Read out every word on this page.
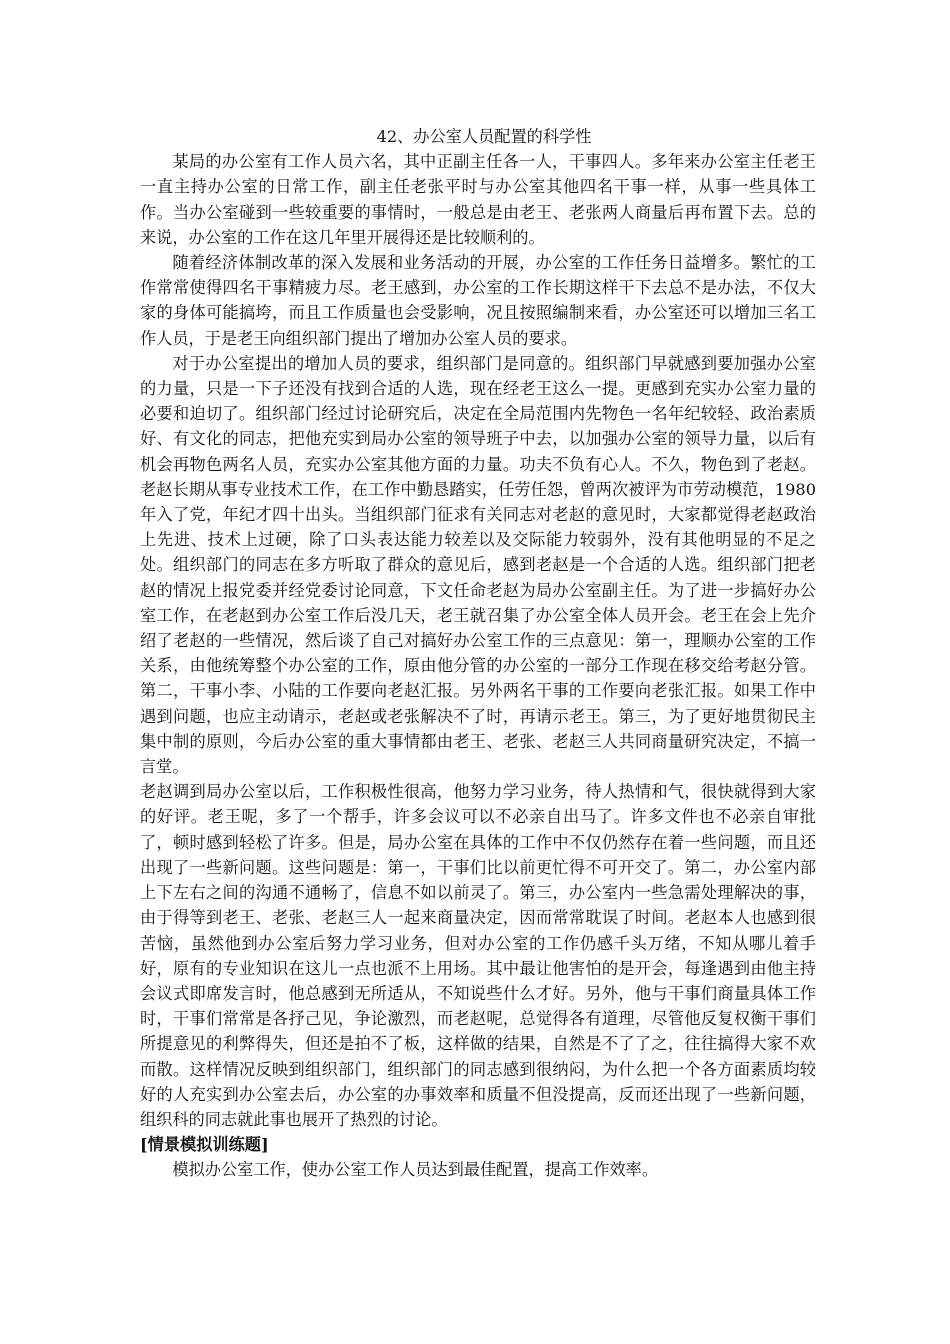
42、办公室人员配置的科学性

某局的办公室有工作人员六名，其中正副主任各一人，干事四人。多年来办公室主任老王一直主持办公室的日常工作，副主任老张平时与办公室其他四名干事一样，从事一些具体工作。当办公室碰到一些较重要的事情时，一般总是由老王、老张两人商量后再布置下去。总的来说，办公室的工作在这几年里开展得还是比较顺利的。

随着经济体制改革的深入发展和业务活动的开展，办公室的工作任务日益增多。繁忙的工作常常使得四名干事精疲力尽。老王感到，办公室的工作长期这样干下去总不是办法，不仅大家的身体可能搞垮，而且工作质量也会受影响，况且按照编制来看，办公室还可以增加三名工作人员，于是老王向组织部门提出了增加办公室人员的要求。

对于办公室提出的增加人员的要求，组织部门是同意的。组织部门早就感到要加强办公室的力量，只是一下子还没有找到合适的人选，现在经老王这么一提。更感到充实办公室力量的必要和迫切了。组织部门经过讨论研究后，决定在全局范围内先物色一名年纪较轻、政治素质好、有文化的同志，把他充实到局办公室的领导班子中去，以加强办公室的领导力量，以后有机会再物色两名人员，充实办公室其他方面的力量。功夫不负有心人。不久，物色到了老赵。老赵长期从事专业技术工作，在工作中勤恳踏实，任劳任怨，曾两次被评为市劳动模范，1980 年入了党，年纪才四十出头。当组织部门征求有关同志对老赵的意见时，大家都觉得老赵政治上先进、技术上过硬，除了口头表达能力较差以及交际能力较弱外，没有其他明显的不足之处。组织部门的同志在多方听取了群众的意见后，感到老赵是一个合适的人选。组织部门把老赵的情况上报党委并经党委讨论同意，下文任命老赵为局办公室副主任。为了进一步搞好办公室工作，在老赵到办公室工作后没几天，老王就召集了办公室全体人员开会。老王在会上先介绍了老赵的一些情况，然后谈了自己对搞好办公室工作的三点意见：第一，理顺办公室的工作关系，由他统筹整个办公室的工作，原由他分管的办公室的一部分工作现在移交给考赵分管。第二，干事小李、小陆的工作要向老赵汇报。另外两名干事的工作要向老张汇报。如果工作中遇到问题，也应主动请示，老赵或老张解决不了时，再请示老王。第三，为了更好地贯彻民主集中制的原则，今后办公室的重大事情都由老王、老张、老赵三人共同商量研究决定，不搞一言堂。

老赵调到局办公室以后，工作积极性很高，他努力学习业务，待人热情和气，很快就得到大家的好评。老王呢，多了一个帮手，许多会议可以不必亲自出马了。许多文件也不必亲自审批了，顿时感到轻松了许多。但是，局办公室在具体的工作中不仅仍然存在着一些问题，而且还出现了一些新问题。这些问题是：第一，干事们比以前更忙得不可开交了。第二，办公室内部上下左右之间的沟通不通畅了，信息不如以前灵了。第三，办公室内一些急需处理解决的事，由于得等到老王、老张、老赵三人一起来商量决定，因而常常耽误了时间。老赵本人也感到很苦恼，虽然他到办公室后努力学习业务，但对办公室的工作仍感千头万绪，不知从哪儿着手好，原有的专业知识在这儿一点也派不上用场。其中最让他害怕的是开会，每逢遇到由他主持会议式即席发言时，他总感到无所适从，不知说些什么才好。另外，他与干事们商量具体工作时，干事们常常是各抒己见，争论激烈，而老赵呢，总觉得各有道理，尽管他反复权衡干事们所提意见的利弊得失，但还是拍不了板，这样做的结果，自然是不了了之，往往搞得大家不欢而散。这样情况反映到组织部门，组织部门的同志感到很纳闷，为什么把一个各方面素质均较好的人充实到办公室去后，办公室的办事效率和质量不但没提高，反而还出现了一些新问题，组织科的同志就此事也展开了热烈的讨论。

[情景模拟训练题]

模拟办公室工作，使办公室工作人员达到最佳配置，提高工作效率。
